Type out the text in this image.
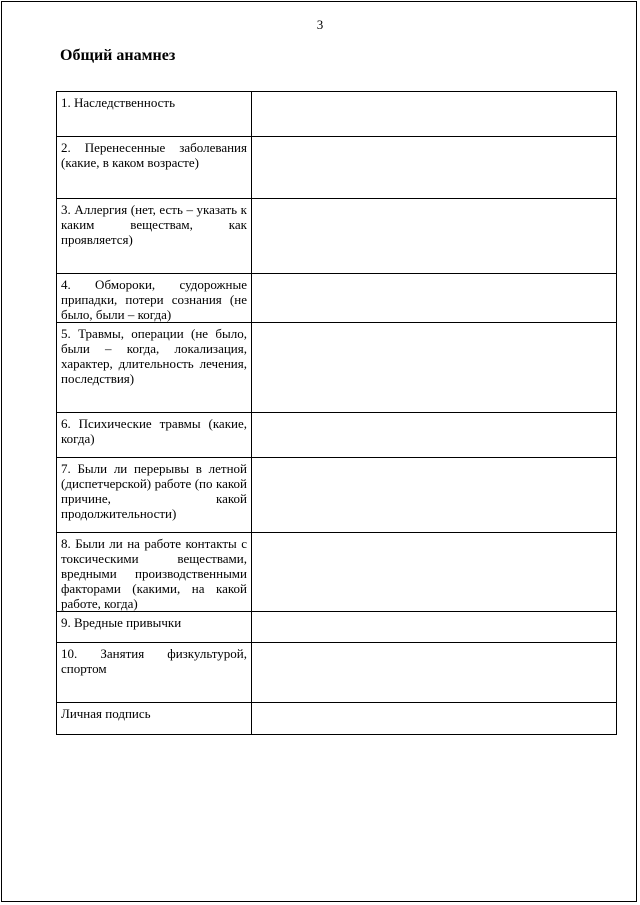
3
Общий анамнез
1. Наследственность	
2. Перенесенные заболевания (какие, в каком возрасте)	
3. Аллергия (нет, есть – указать к каким веществам, как проявляется)	
4. Обмороки, судорожные припадки, потери сознания (не было, были – когда)	
5. Травмы, операции (не было, были – когда, локализация, характер, длительность лечения, последствия)	
6. Психические травмы (какие, когда)	
7. Были ли перерывы в летной (диспетчерской) работе (по какой причине, какой продолжительности)	
8. Были ли на работе контакты с токсическими веществами, вредными производственными факторами (какими, на какой работе, когда)	
9. Вредные привычки	
10. Занятия физкультурой, спортом	
Личная подпись	
